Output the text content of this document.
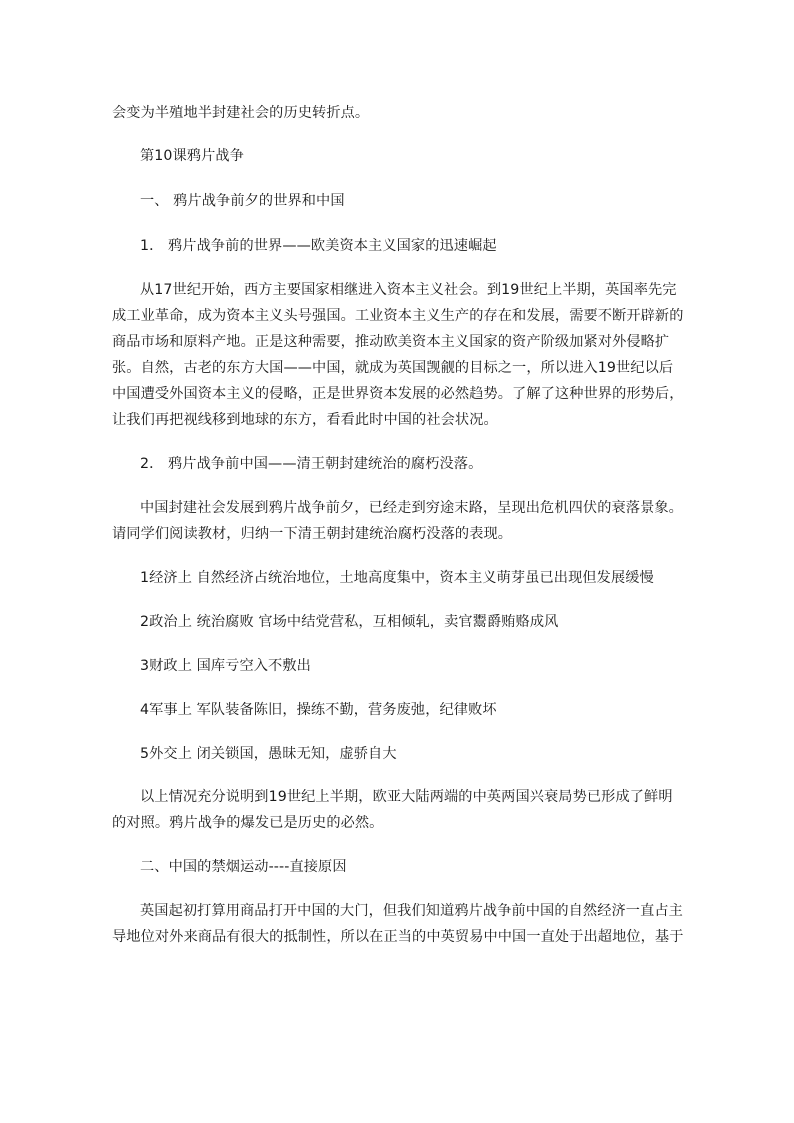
会变为半殖地半封建社会的历史转折点。

第10课鸦片战争

一、 鸦片战争前夕的世界和中国

1． 鸦片战争前的世界——欧美资本主义国家的迅速崛起

从17世纪开始，西方主要国家相继进入资本主义社会。到19世纪上半期，英国率先完成工业革命，成为资本主义头号强国。工业资本主义生产的存在和发展，需要不断开辟新的商品市场和原料产地。正是这种需要，推动欧美资本主义国家的资产阶级加紧对外侵略扩张。自然，古老的东方大国——中国，就成为英国觊觎的目标之一，所以进入19世纪以后中国遭受外国资本主义的侵略，正是世界资本发展的必然趋势。了解了这种世界的形势后，让我们再把视线移到地球的东方，看看此时中国的社会状况。

2． 鸦片战争前中国——清王朝封建统治的腐朽没落。

中国封建社会发展到鸦片战争前夕，已经走到穷途末路，呈现出危机四伏的衰落景象。请同学们阅读教材，归纳一下清王朝封建统治腐朽没落的表现。

1经济上 自然经济占统治地位，土地高度集中，资本主义萌芽虽已出现但发展缓慢

2政治上 统治腐败 官场中结党营私，互相倾轧，卖官鬻爵贿赂成风

3财政上 国库亏空入不敷出

4军事上 军队装备陈旧，操练不勤，营务废弛，纪律败坏

5外交上 闭关锁国，愚昧无知，虚骄自大

以上情况充分说明到19世纪上半期，欧亚大陆两端的中英两国兴衰局势已形成了鲜明的对照。鸦片战争的爆发已是历史的必然。

二、中国的禁烟运动----直接原因

英国起初打算用商品打开中国的大门，但我们知道鸦片战争前中国的自然经济一直占主导地位对外来商品有很大的抵制性，所以在正当的中英贸易中中国一直处于出超地位，基于
